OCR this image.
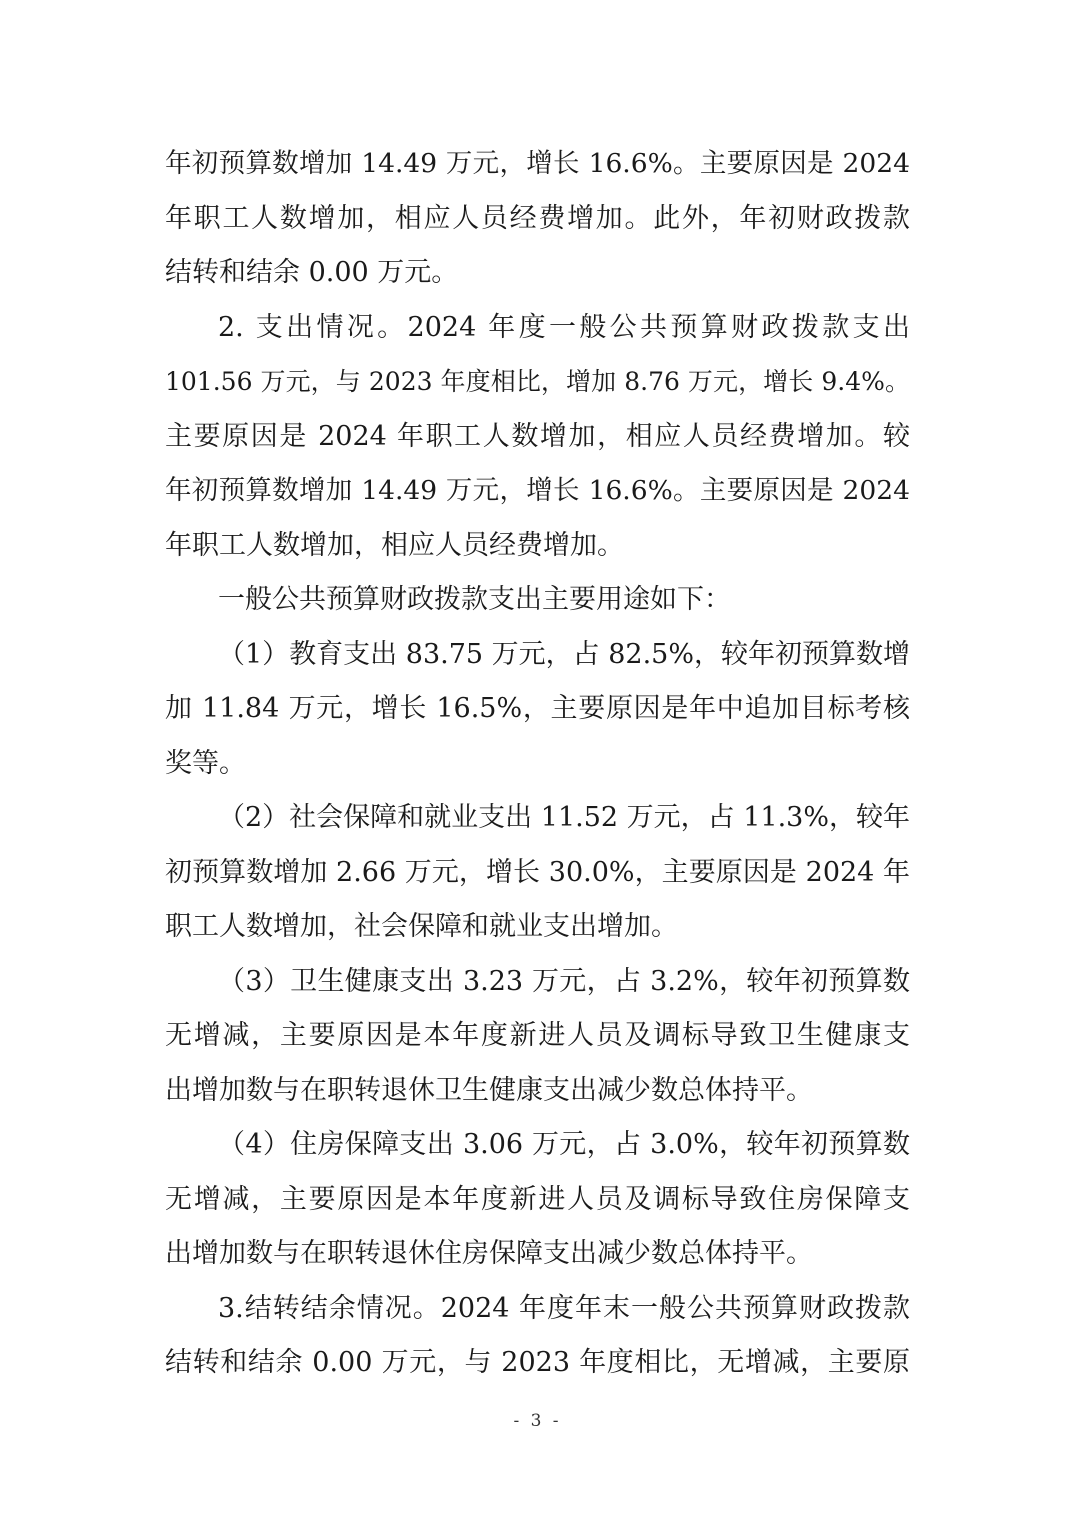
年初预算数增加 14.49 万元，增长 16.6%。主要原因是 2024
年职工人数增加，相应人员经费增加。此外，年初财政拨款
结转和结余 0.00 万元。
2. 支出情况。2024 年度一般公共预算财政拨款支出
101.56 万元，与 2023 年度相比，增加 8.76 万元，增长 9.4%。
主要原因是 2024 年职工人数增加，相应人员经费增加。较
年初预算数增加 14.49 万元，增长 16.6%。主要原因是 2024
年职工人数增加，相应人员经费增加。
一般公共预算财政拨款支出主要用途如下：
（1）教育支出 83.75 万元，占 82.5%，较年初预算数增
加 11.84 万元，增长 16.5%，主要原因是年中追加目标考核
奖等。
（2）社会保障和就业支出 11.52 万元，占 11.3%，较年
初预算数增加 2.66 万元，增长 30.0%，主要原因是 2024 年
职工人数增加，社会保障和就业支出增加。
（3）卫生健康支出 3.23 万元，占 3.2%，较年初预算数
无增减，主要原因是本年度新进人员及调标导致卫生健康支
出增加数与在职转退休卫生健康支出减少数总体持平。
（4）住房保障支出 3.06 万元，占 3.0%，较年初预算数
无增减，主要原因是本年度新进人员及调标导致住房保障支
出增加数与在职转退休住房保障支出减少数总体持平。
3.结转结余情况。2024 年度年末一般公共预算财政拨款
结转和结余 0.00 万元，与 2023 年度相比，无增减，主要原
- 3 -
